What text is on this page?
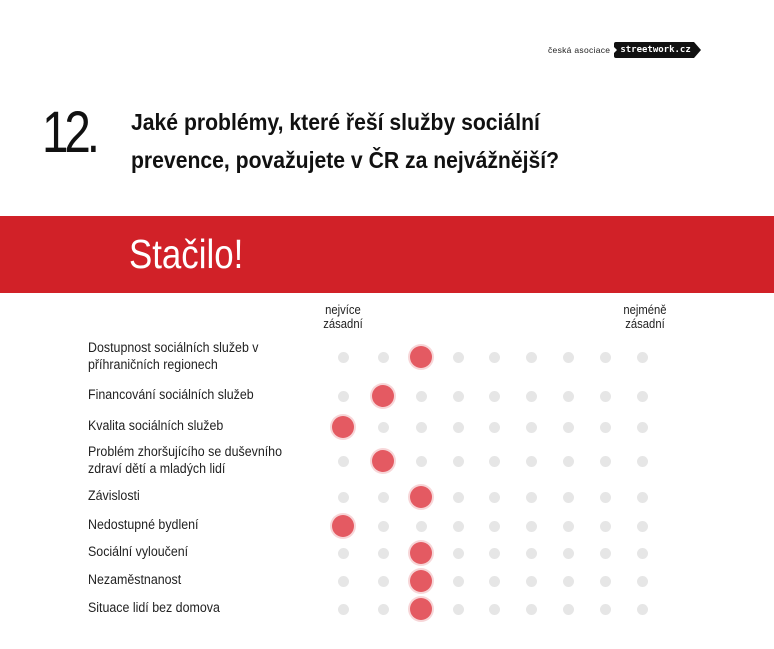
česká asociace	streetwork.cz
12. Jaké problémy, které řeší služby sociální prevence, považujete v ČR za nejvážnější?
Stačilo!
nejvíce zásadní
nejméně zásadní
Dostupnost sociálních služeb v
příhraničních regionech
Financování sociálních služeb
Kvalita sociálních služeb
Problém zhoršujícího se duševního
zdraví dětí a mladých lidí
Závislosti
Nedostupné bydlení
Sociální vyloučení
Nezaměstnanost
Situace lidí bez domova
